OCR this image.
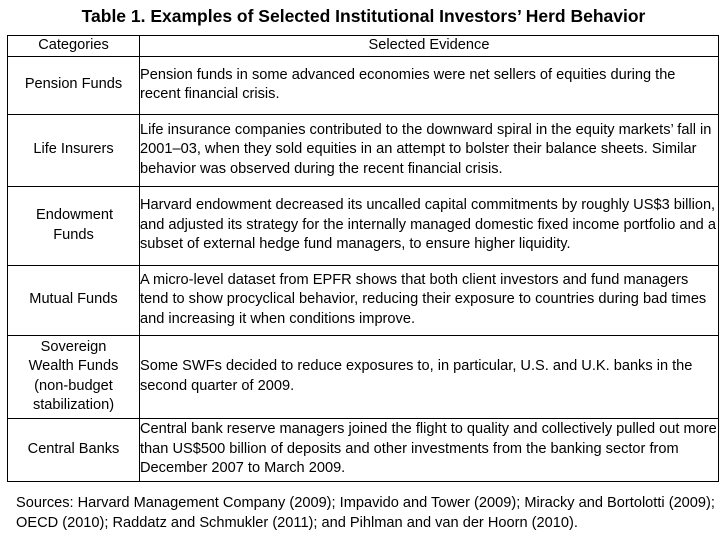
Table 1. Examples of Selected Institutional Investors’ Herd Behavior
Categories	Selected Evidence
Pension Funds	Pension funds in some advanced economies were net sellers of equities during the recent financial crisis.
Life Insurers	Life insurance companies contributed to the downward spiral in the equity markets’ fall in 2001–03, when they sold equities in an attempt to bolster their balance sheets. Similar behavior was observed during the recent financial crisis.
Endowment Funds	Harvard endowment decreased its uncalled capital commitments by roughly US$3 billion, and adjusted its strategy for the internally managed domestic fixed income portfolio and a subset of external hedge fund managers, to ensure higher liquidity.
Mutual Funds	A micro-level dataset from EPFR shows that both client investors and fund managers tend to show procyclical behavior, reducing their exposure to countries during bad times and increasing it when conditions improve.
Sovereign Wealth Funds (non-budget stabilization)	Some SWFs decided to reduce exposures to, in particular, U.S. and U.K. banks in the second quarter of 2009.
Central Banks	Central bank reserve managers joined the flight to quality and collectively pulled out more than US$500 billion of deposits and other investments from the banking sector from December 2007 to March 2009.
Sources: Harvard Management Company (2009); Impavido and Tower (2009); Miracky and Bortolotti (2009); OECD (2010); Raddatz and Schmukler (2011); and Pihlman and van der Hoorn (2010).
